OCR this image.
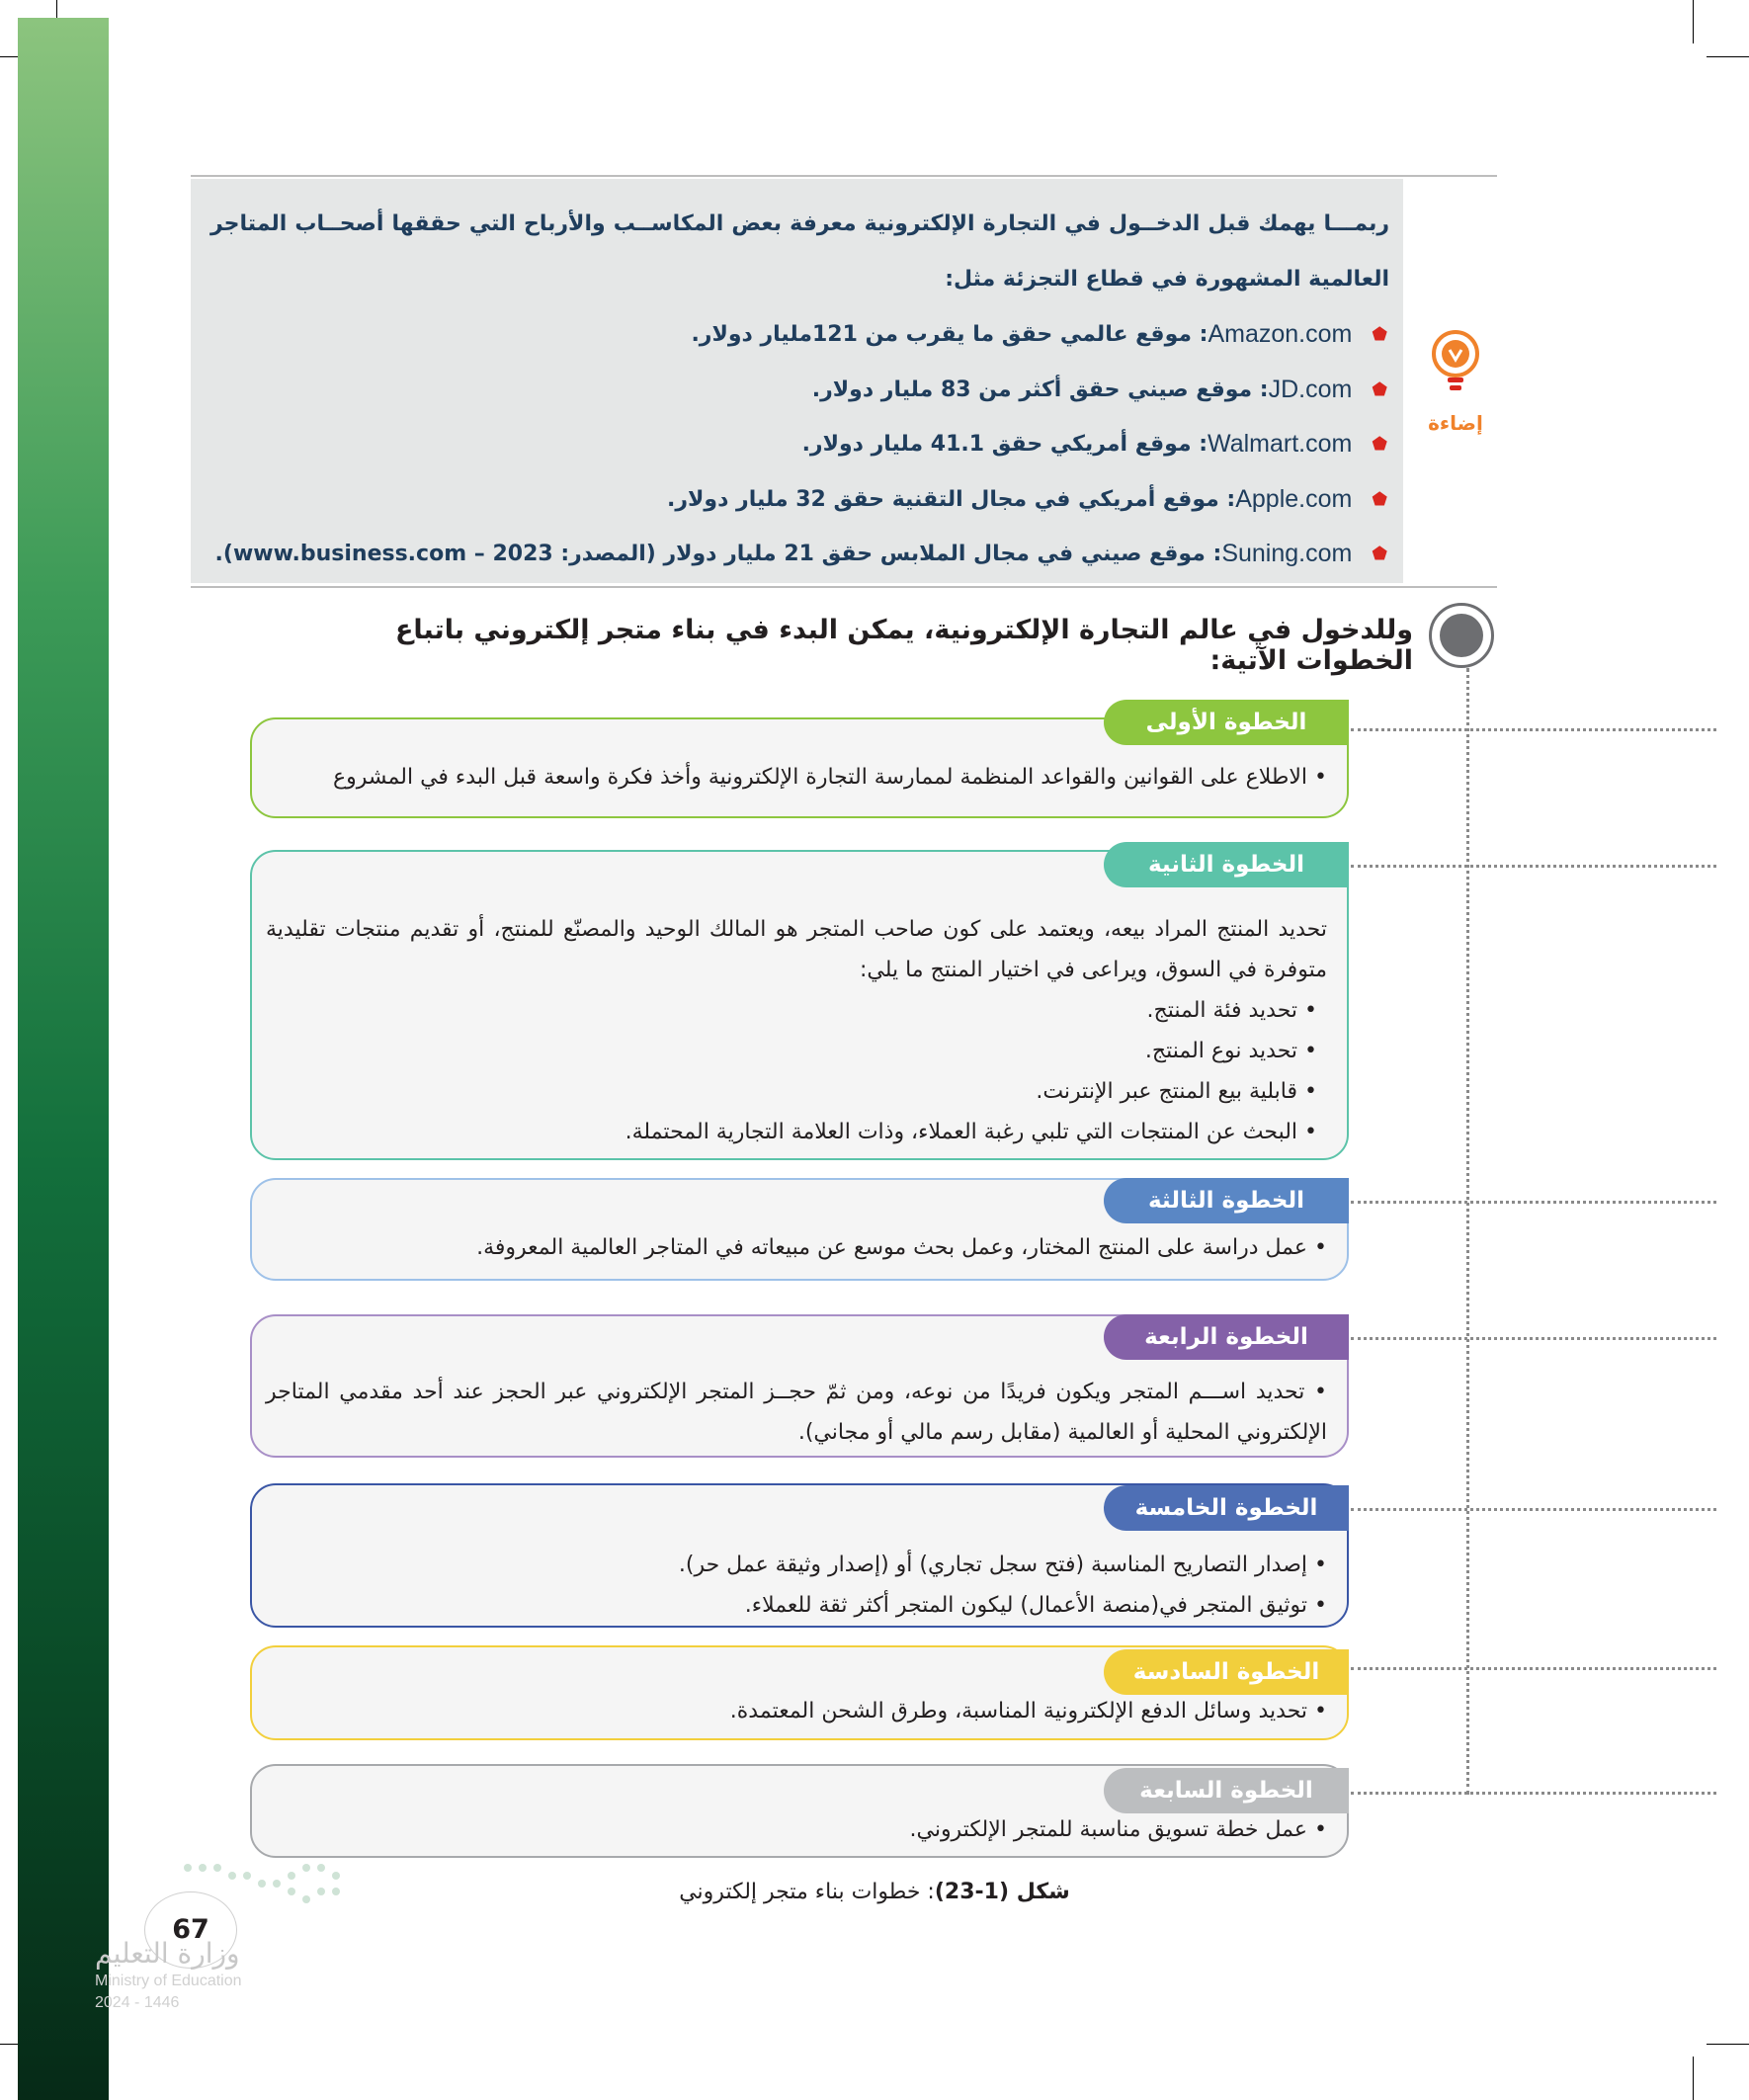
ربمـــا يهمك قبل الدخــول في التجارة الإلكترونية معرفة بعض المكاســب والأرباح التي حققها أصحــاب المتاجر العالمية المشهورة في قطاع التجزئة مثل:

⬟
Amazon.com
: موقع عالمي حقق ما يقرب من 121مليار دولار.
⬟
JD.com
: موقع صيني حقق أكثر من 83 مليار دولار.
⬟
Walmart.com
: موقع أمريكي حقق 41.1 مليار دولار.
⬟
Apple.com
: موقع أمريكي في مجال التقنية حقق 32 مليار دولار.
⬟
Suning.com
: موقع صيني في مجال الملابس حقق 21 مليار دولار (المصدر: 2023 – www.business.com).
إضاءة
وللدخول في عالم التجارة الإلكترونية، يمكن البدء في بناء متجر إلكتروني باتباع الخطوات الآتية:

• الاطلاع على القوانين والقواعد المنظمة لممارسة التجارة الإلكترونية وأخذ فكرة واسعة قبل البدء في المشروع

الخطوة الأولى

تحديد المنتج المراد بيعه، ويعتمد على كون صاحب المتجر هو المالك الوحيد والمصنّع للمنتج، أو تقديم منتجات تقليدية متوفرة في السوق، ويراعى في اختيار المنتج ما يلي:

• تحديد فئة المنتج.
• تحديد نوع المنتج.
• قابلية بيع المنتج عبر الإنترنت.
• البحث عن المنتجات التي تلبي رغبة العملاء، وذات العلامة التجارية المحتملة.
الخطوة الثانية

• عمل دراسة على المنتج المختار، وعمل بحث موسع عن مبيعاته في المتاجر العالمية المعروفة.

الخطوة الثالثة

• تحديد اســـم المتجر ويكون فريدًا من نوعه، ومن ثمّ حجــز المتجر الإلكتروني عبر الحجز عند أحد مقدمي المتاجر الإلكتروني المحلية أو العالمية (مقابل رسم مالي أو مجاني).

الخطوة الرابعة

• إصدار التصاريح المناسبة (فتح سجل تجاري) أو (إصدار وثيقة عمل حر).

• توثيق المتجر في(منصة الأعمال) ليكون المتجر أكثر ثقة للعملاء.

الخطوة الخامسة

• تحديد وسائل الدفع الإلكترونية المناسبة، وطرق الشحن المعتمدة.

الخطوة السادسة

• عمل خطة تسويق مناسبة للمتجر الإلكتروني.

الخطوة السابعة
شكل (1-23): خطوات بناء متجر إلكتروني
67
وزارة التعليم
Ministry of Education
2024 - 1446
